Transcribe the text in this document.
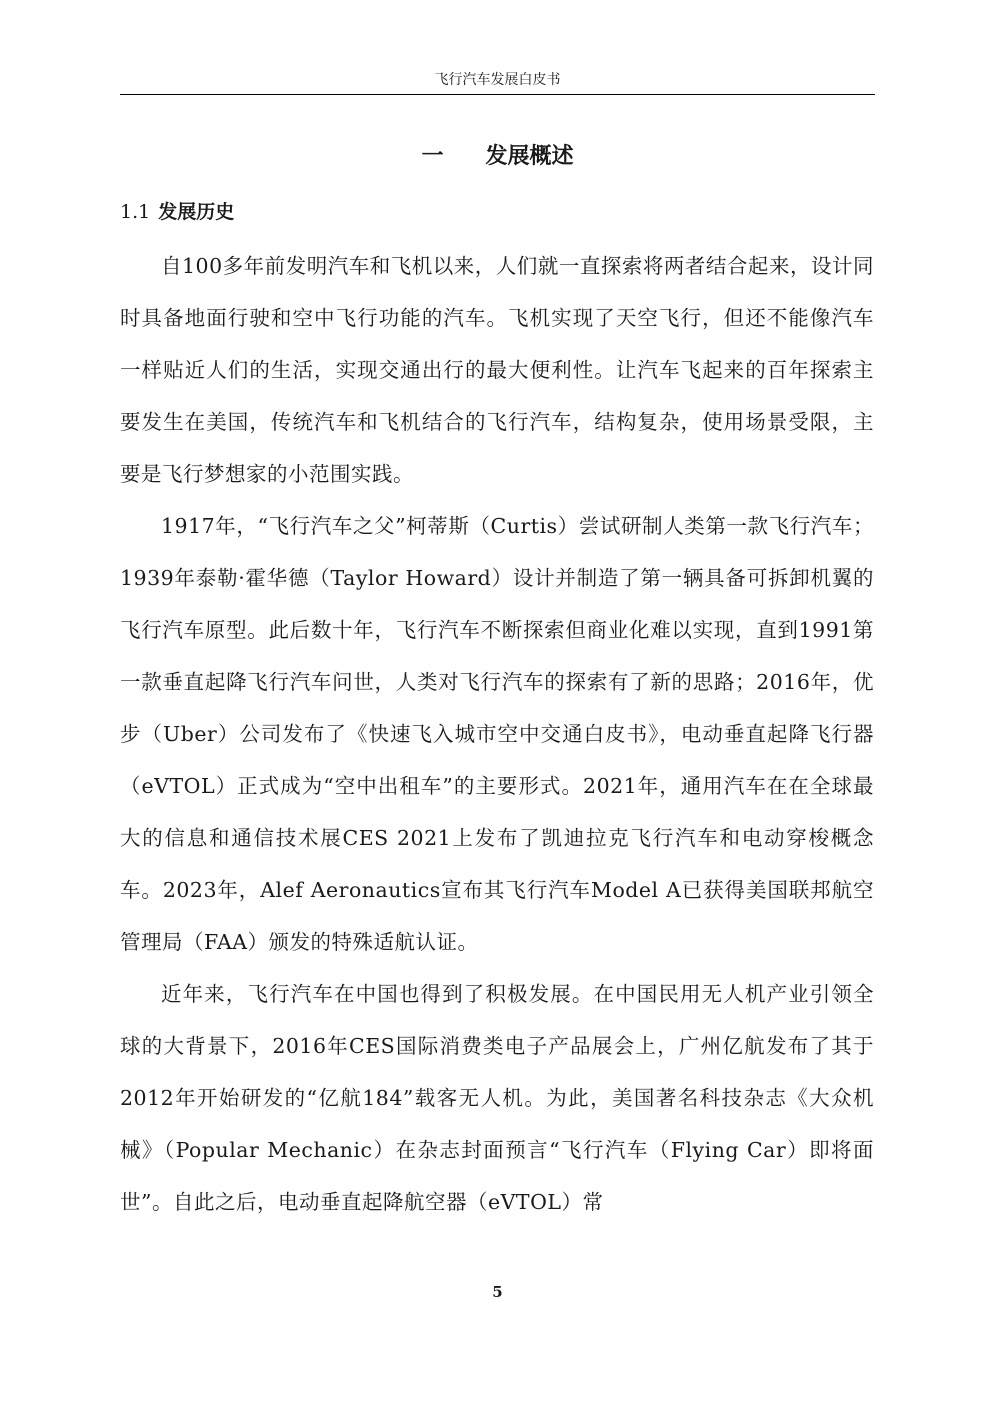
飞行汽车发展白皮书
一 发展概述
1.1 发展历史

自100多年前发明汽车和飞机以来，人们就一直探索将两者结合起来，设计同时具备地面行驶和空中飞行功能的汽车。飞机实现了天空飞行，但还不能像汽车一样贴近人们的生活，实现交通出行的最大便利性。让汽车飞起来的百年探索主要发生在美国，传统汽车和飞机结合的飞行汽车，结构复杂，使用场景受限，主要是飞行梦想家的小范围实践。

1917年，“飞行汽车之父”柯蒂斯（Curtis）尝试研制人类第一款飞行汽车；1939年泰勒·霍华德（Taylor Howard）设计并制造了第一辆具备可拆卸机翼的飞行汽车原型。此后数十年，飞行汽车不断探索但商业化难以实现，直到1991第一款垂直起降飞行汽车问世，人类对飞行汽车的探索有了新的思路；2016年，优步（Uber）公司发布了《快速飞入城市空中交通白皮书》，电动垂直起降飞行器（eVTOL）正式成为“空中出租车”的主要形式。2021年，通用汽车在在全球最大的信息和通信技术展CES 2021上发布了凯迪拉克飞行汽车和电动穿梭概念车。2023年，Alef Aeronautics宣布其飞行汽车Model A已获得美国联邦航空管理局（FAA）颁发的特殊适航认证。

近年来，飞行汽车在中国也得到了积极发展。在中国民用无人机产业引领全球的大背景下，2016年CES国际消费类电子产品展会上，广州亿航发布了其于2012年开始研发的“亿航184”载客无人机。为此，美国著名科技杂志《大众机械》（Popular Mechanic）在杂志封面预言“飞行汽车（Flying Car）即将面世”。自此之后，电动垂直起降航空器（eVTOL）常

5
